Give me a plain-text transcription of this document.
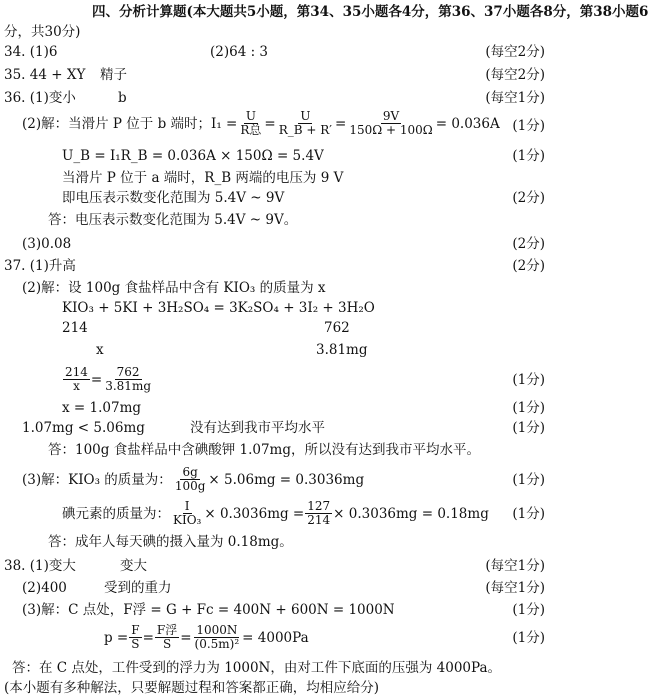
四、分析计算题(本大题共5小题，第34、35小题各4分，第36、37小题各8分，第38小题6
分，共30分)
34. (1)6	(2)64 : 3	(每空2分)
35. 44 + XY 精子	(每空2分)
36. (1)变小	b	(每空1分)
(2)解：当滑片 P 位于 b 端时；$I_1 = \frac{U}{\text{R总}} = \frac{U}{R\_B + R'} = \frac{9V}{150\Omega + 100\Omega} = 0.036A$ (1分)
U_B = I₁R_B = 0.036A × 150Ω = 5.4V	(1分)
当滑片 P 位于 a 端时，R_B 两端的电压为 9 V
即电压表示数变化范围为 5.4V ~ 9V	(2分)
答：电压表示数变化范围为 5.4V ~ 9V。
(3)0.08	(2分)
37. (1)升高	(2分)
(2)解：设 100g 食盐样品中含有 KIO₃ 的质量为 x
KIO₃ + 5KI + 3H₂SO₄ = 3K₂SO₄ + 3I₂ + 3H₂O
214	762
x	3.81mg
$\frac{214}{x} = \frac{762}{3.81mg}$	(1分)
x = 1.07mg	(1分)
1.07mg < 5.06mg	没有达到我市平均水平	(1分)
答：100g 食盐样品中含碘酸钾 1.07mg，所以没有达到我市平均水平。
(3)解：KIO₃ 的质量为： $\frac{6g}{100g} \times 5.06mg = 0.3036mg$	(1分)
碘元素的质量为： $\frac{I}{\text{KIO₃}} \times 0.3036mg = \frac{127}{214} \times 0.3036mg = 0.18mg$ (1分)
答：成年人每天碘的摄入量为 0.18mg。
38. (1)变大	变大	(每空1分)
(2)400	受到的重力	(每空1分)
(3)解：C 点处，F浮 = G + Fc = 400N + 600N = 1000N	(1分)
$p = \frac{F}{S} = \frac{\text{F浮}}{S} = \frac{1000N}{\text{(0.5m)²}} = 4000Pa$	(1分)
答：在 C 点处，工件受到的浮力为 1000N，由对工件下底面的压强为 4000Pa。
(本小题有多种解法，只要解题过程和答案都正确，均相应给分)
